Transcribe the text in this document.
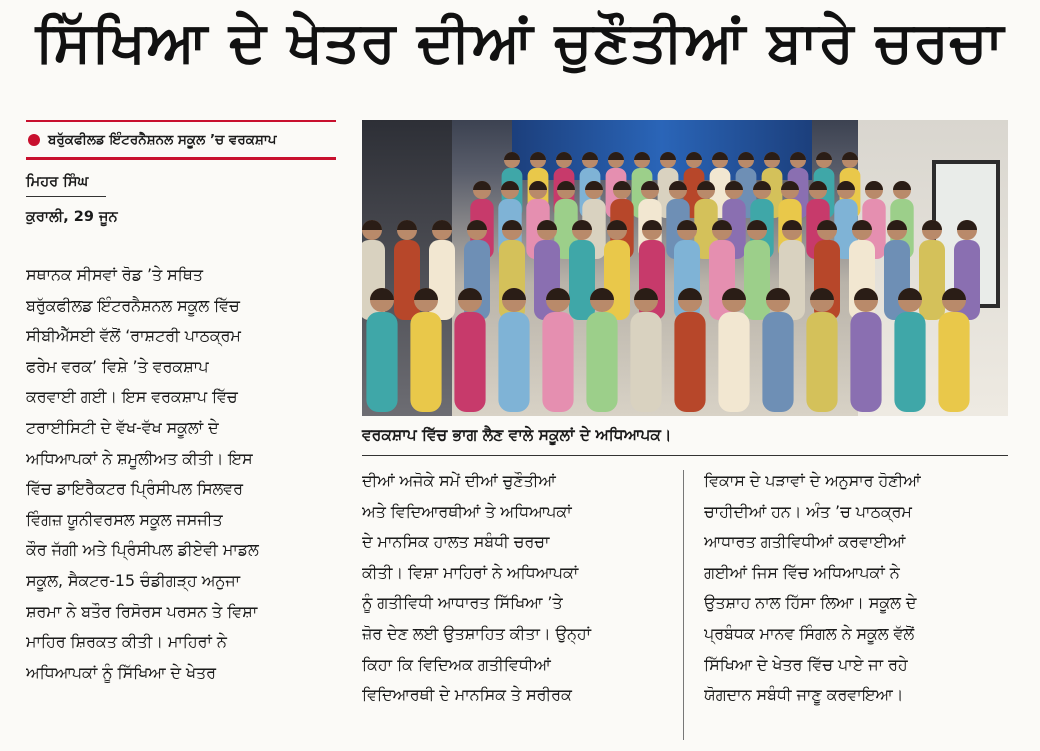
ਸਿੱਖਿਆ ਦੇ ਖੇਤਰ ਦੀਆਂ ਚੁਣੌਤੀਆਂ ਬਾਰੇ ਚਰਚਾ
ਬਰੁੱਕਫੀਲਡ ਇੰਟਰਨੈਸ਼ਨਲ ਸਕੂਲ ’ਚ ਵਰਕਸ਼ਾਪ
ਮਿਹਰ ਸਿੰਘ
ਕੁਰਾਲੀ, 29 ਜੂਨ
ਸਥਾਨਕ ਸੀਸਵਾਂ ਰੋਡ ’ਤੇ ਸਥਿਤ
ਬਰੁੱਕਫੀਲਡ ਇੰਟਰਨੈਸ਼ਨਲ ਸਕੂਲ ਵਿੱਚ
ਸੀਬੀਐੱਸਈ ਵੱਲੋਂ ‘ਰਾਸ਼ਟਰੀ ਪਾਠਕ੍ਰਮ
ਫਰੇਮ ਵਰਕ’ ਵਿਸ਼ੇ ’ਤੇ ਵਰਕਸ਼ਾਪ
ਕਰਵਾਈ ਗਈ। ਇਸ ਵਰਕਸ਼ਾਪ ਵਿੱਚ
ਟਰਾਈਸਿਟੀ ਦੇ ਵੱਖ-ਵੱਖ ਸਕੂਲਾਂ ਦੇ
ਅਧਿਆਪਕਾਂ ਨੇ ਸ਼ਮੂਲੀਅਤ ਕੀਤੀ। ਇਸ
ਵਿੱਚ ਡਾਇਰੈਕਟਰ ਪ੍ਰਿੰਸੀਪਲ ਸਿਲਵਰ
ਵਿੰਗਜ਼ ਯੂਨੀਵਰਸਲ ਸਕੂਲ ਜਸਜੀਤ
ਕੌਰ ਜੱਗੀ ਅਤੇ ਪ੍ਰਿੰਸੀਪਲ ਡੀਏਵੀ ਮਾਡਲ
ਸਕੂਲ, ਸੈਕਟਰ-15 ਚੰਡੀਗੜ੍ਹ ਅਨੁਜਾ
ਸ਼ਰਮਾ ਨੇ ਬਤੌਰ ਰਿਸੋਰਸ ਪਰਸਨ ਤੇ ਵਿਸ਼ਾ
ਮਾਹਿਰ ਸ਼ਿਰਕਤ ਕੀਤੀ। ਮਾਹਿਰਾਂ ਨੇ
ਅਧਿਆਪਕਾਂ ਨੂੰ ਸਿੱਖਿਆ ਦੇ ਖੇਤਰ
ਵਰਕਸ਼ਾਪ ਵਿੱਚ ਭਾਗ ਲੈਣ ਵਾਲੇ ਸਕੂਲਾਂ ਦੇ ਅਧਿਆਪਕ।
ਦੀਆਂ ਅਜੋਕੇ ਸਮੇਂ ਦੀਆਂ ਚੁਣੌਤੀਆਂ
ਅਤੇ ਵਿਦਿਆਰਥੀਆਂ ਤੇ ਅਧਿਆਪਕਾਂ
ਦੇ ਮਾਨਸਿਕ ਹਾਲਤ ਸਬੰਧੀ ਚਰਚਾ
ਕੀਤੀ। ਵਿਸ਼ਾ ਮਾਹਿਰਾਂ ਨੇ ਅਧਿਆਪਕਾਂ
ਨੂੰ ਗਤੀਵਿਧੀ ਆਧਾਰਤ ਸਿੱਖਿਆ ’ਤੇ
ਜ਼ੋਰ ਦੇਣ ਲਈ ਉਤਸ਼ਾਹਿਤ ਕੀਤਾ। ਉਨ੍ਹਾਂ
ਕਿਹਾ ਕਿ ਵਿਦਿਅਕ ਗਤੀਵਿਧੀਆਂ
ਵਿਦਿਆਰਥੀ ਦੇ ਮਾਨਸਿਕ ਤੇ ਸਰੀਰਕ
ਵਿਕਾਸ ਦੇ ਪੜਾਵਾਂ ਦੇ ਅਨੁਸਾਰ ਹੋਣੀਆਂ
ਚਾਹੀਦੀਆਂ ਹਨ। ਅੰਤ ’ਚ ਪਾਠਕ੍ਰਮ
ਆਧਾਰਤ ਗਤੀਵਿਧੀਆਂ ਕਰਵਾਈਆਂ
ਗਈਆਂ ਜਿਸ ਵਿੱਚ ਅਧਿਆਪਕਾਂ ਨੇ
ਉਤਸ਼ਾਹ ਨਾਲ ਹਿੱਸਾ ਲਿਆ। ਸਕੂਲ ਦੇ
ਪ੍ਰਬੰਧਕ ਮਾਨਵ ਸਿੰਗਲ ਨੇ ਸਕੂਲ ਵੱਲੋਂ
ਸਿੱਖਿਆ ਦੇ ਖੇਤਰ ਵਿੱਚ ਪਾਏ ਜਾ ਰਹੇ
ਯੋਗਦਾਨ ਸਬੰਧੀ ਜਾਣੂ ਕਰਵਾਇਆ।
